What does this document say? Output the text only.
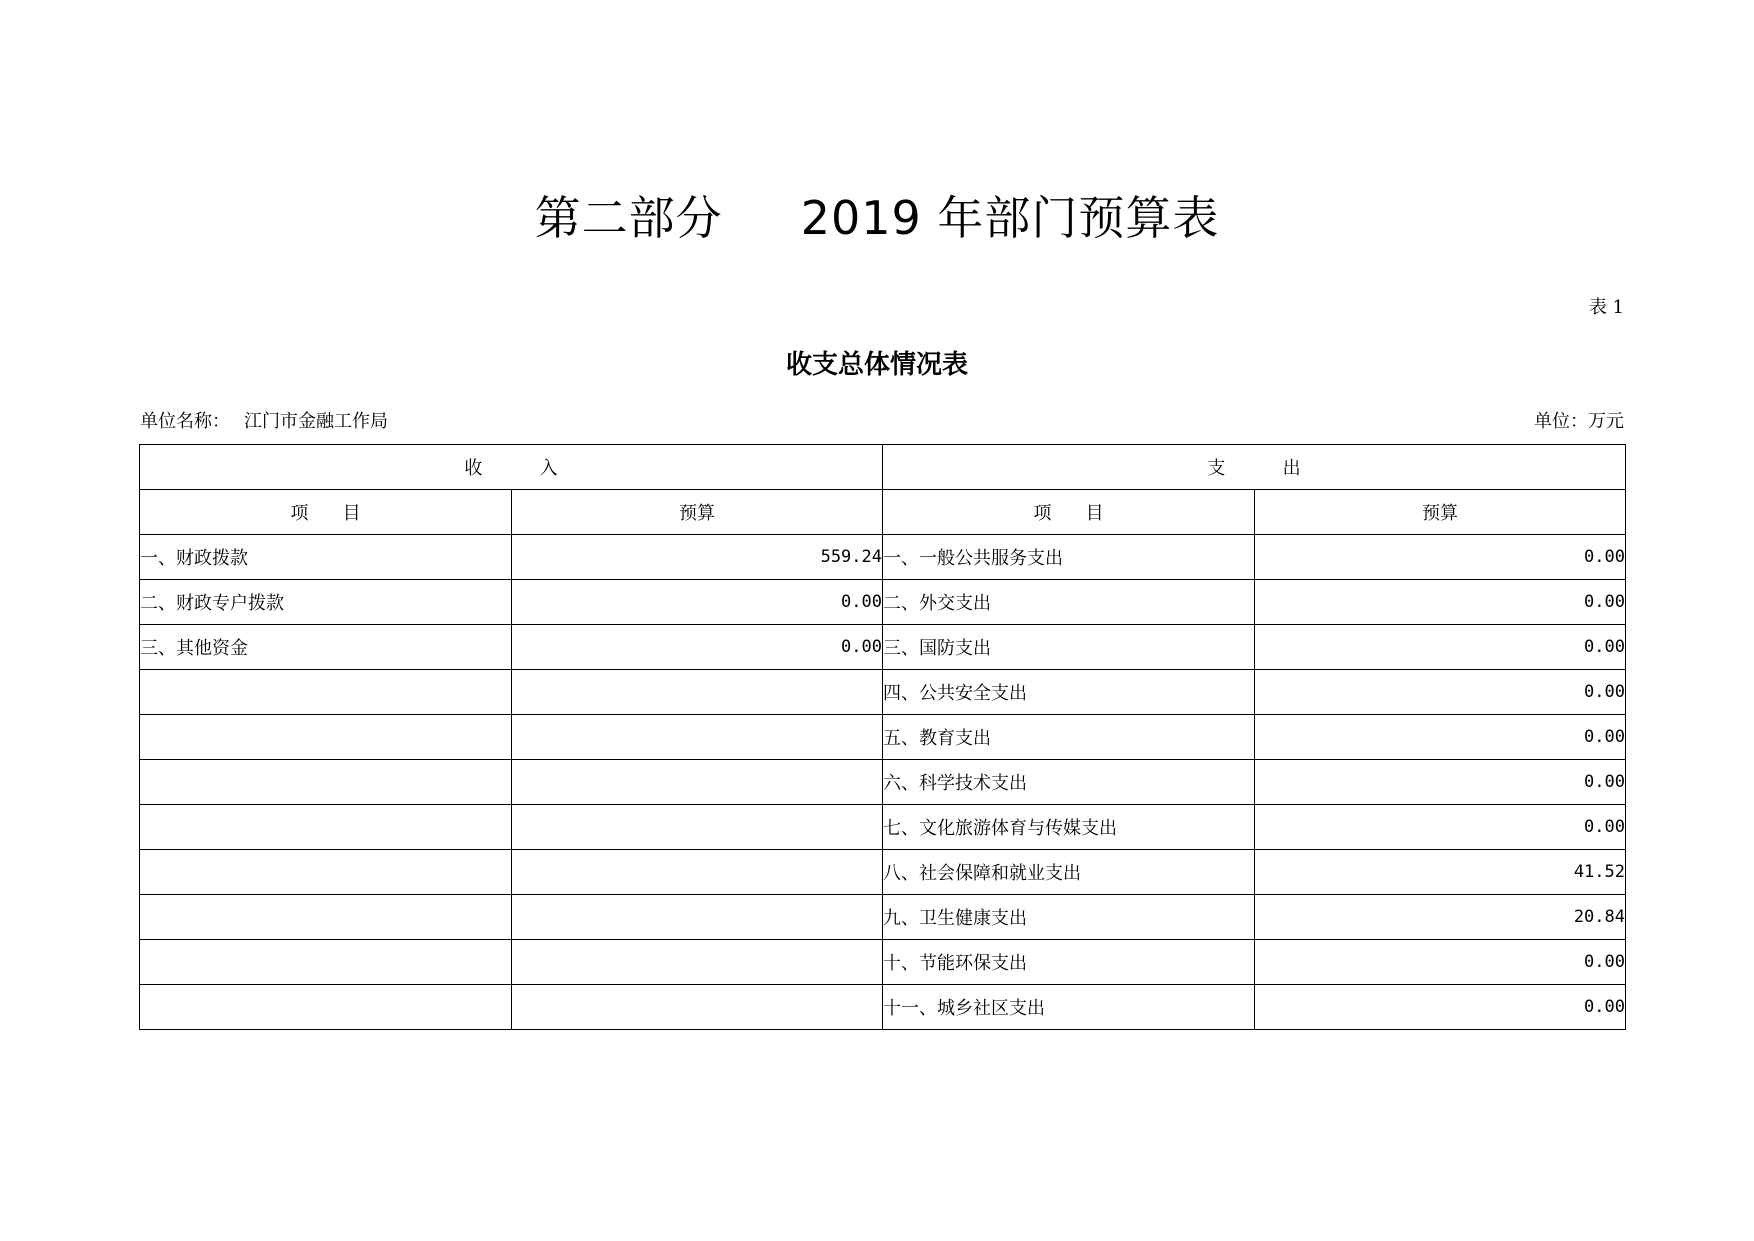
第二部分     2019 年部门预算表
表 1
收支总体情况表
单位名称： 江门市金融工作局	单位：万元
收          入		支          出	
项      目	预算	项      目	预算
一、财政拨款	559.24	一、一般公共服务支出	0.00
二、财政专户拨款	0.00	二、外交支出	0.00
三、其他资金	0.00	三、国防支出	0.00
		四、公共安全支出	0.00
		五、教育支出	0.00
		六、科学技术支出	0.00
		七、文化旅游体育与传媒支出	0.00
		八、社会保障和就业支出	41.52
		九、卫生健康支出	20.84
		十、节能环保支出	0.00
		十一、城乡社区支出	0.00
